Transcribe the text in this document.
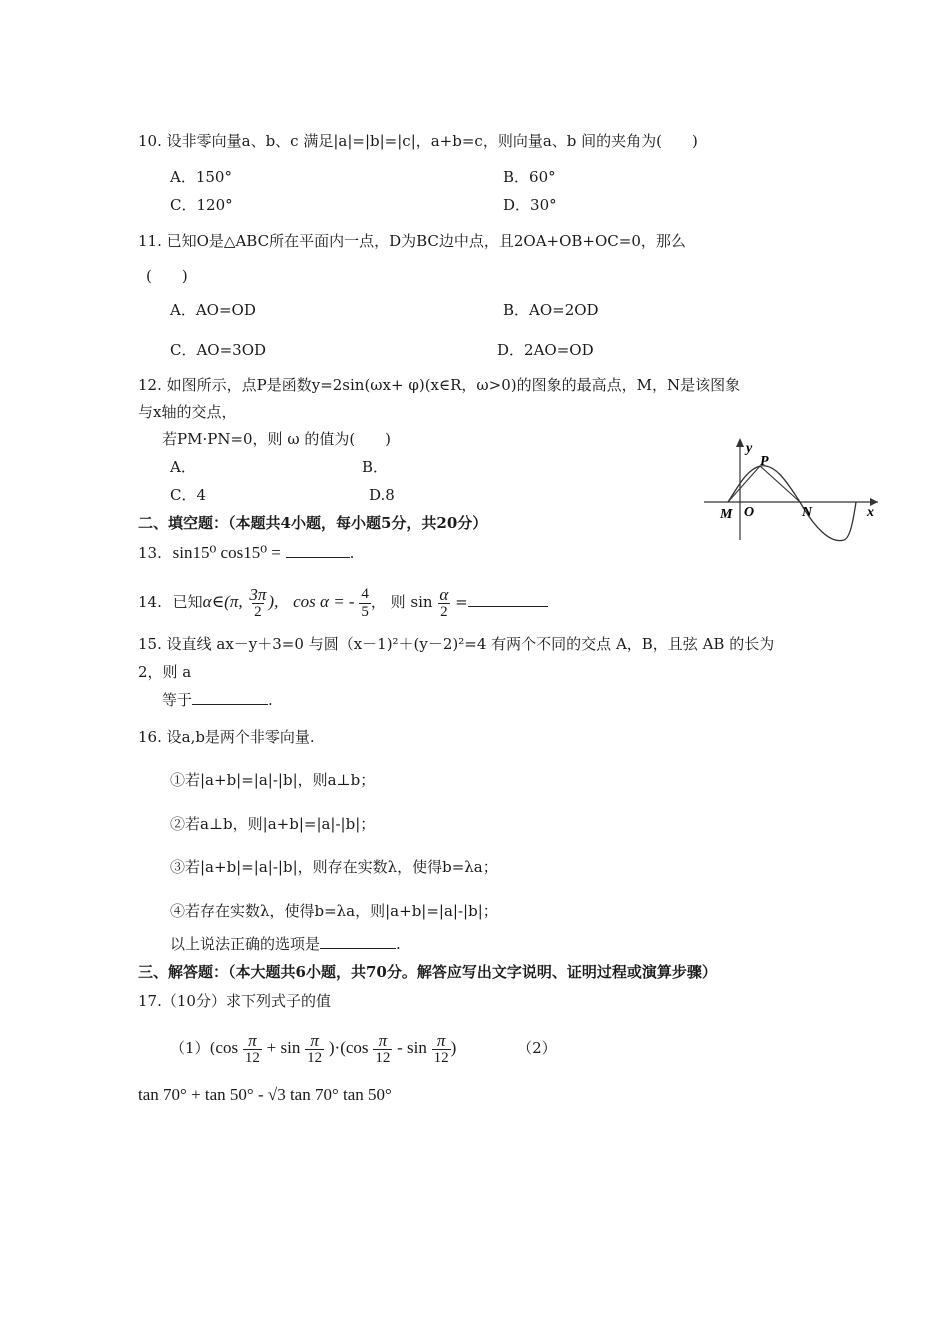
10. 设非零向量a、b、c 满足|a|=|b|=|c|，a+b=c，则向量a、b 间的夹角为(　　)
A．150°	B．60°
C．120°	D．30°
11. 已知O是△ABC所在平面内一点，D为BC边中点，且2OA+OB+OC=0，那么
(　　)
A．AO=OD	B．AO=2OD
C．AO=3OD	D．2AO=OD
12. 如图所示，点P是函数y=2sin(ωx+ φ)(x∈R，ω>0)的图象的最高点，M，N是该图象
与x轴的交点，
若PM·PN=0，则 ω 的值为(　　)
A．	B．
C．4	D.8
y
x
P
M O	N
二、填空题：（本题共4小题，每小题5分，共20分）
13. sin15⁰ cos15⁰ =	.
14. 已知α∈(π, $\frac{3\pi}{2}$ ), cos α = - $\frac{4}{5}$ ， 则 $\sin \frac{\alpha}{2}$ =
15. 设直线 ax－y＋3=0 与圆（x－1)²＋(y－2)²=4 有两个不同的交点 A，B，且弦 AB 的长为
2，则 a
等于	.
16. 设a,b是两个非零向量.
①若|a+b|=|a|-|b|，则a⊥b；
②若a⊥b，则|a+b|=|a|-|b|；
③若|a+b|=|a|-|b|，则存在实数λ，使得b=λa；
④若存在实数λ，使得b=λa，则|a+b|=|a|-|b|；
以上说法正确的选项是	.
三、解答题：（本大题共6小题，共70分。解答应写出文字说明、证明过程或演算步骤）
17.（10分）求下列式子的值
$(1)(\cos \frac{\pi}{12} + \sin \frac{\pi}{12} )\cdot(\cos \frac{\pi}{12} - \sin \frac{\pi}{12}$ )	（2）
tan 70° + tan 50° - √3 tan 70° tan 50°
